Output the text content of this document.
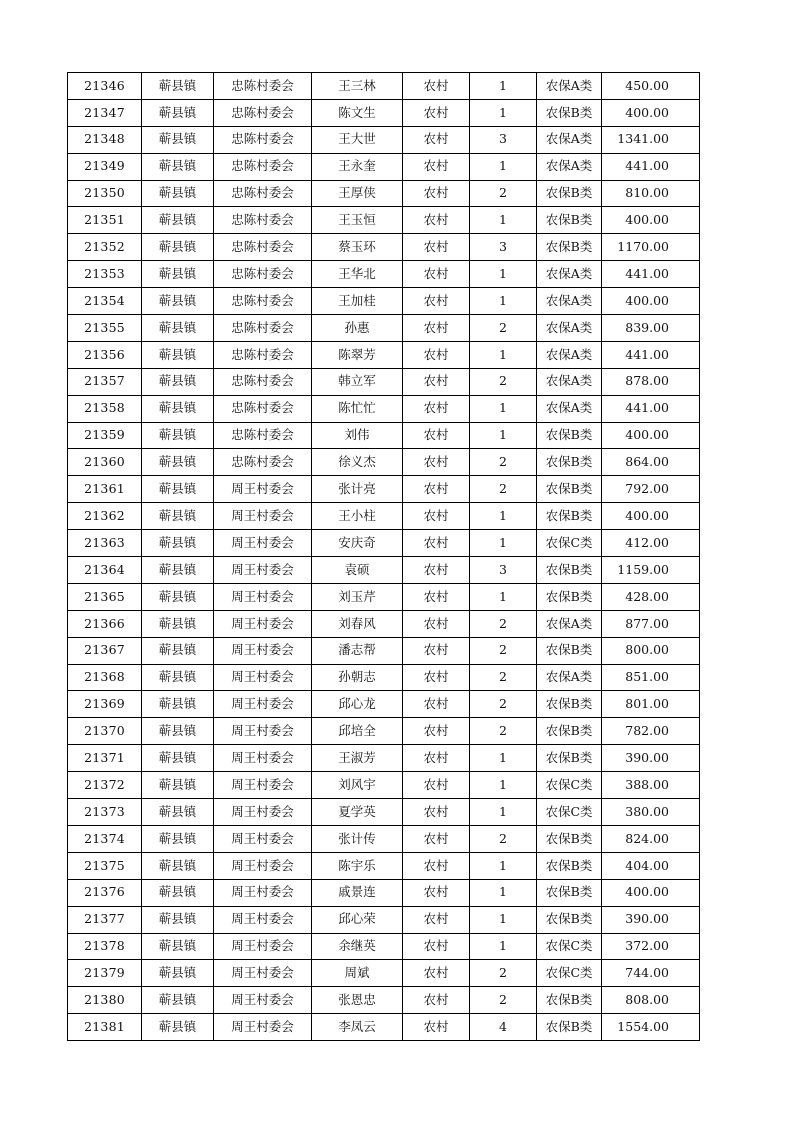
21346	蕲县镇	忠陈村委会	王三林	农村	1	农保A类	450.00
21347	蕲县镇	忠陈村委会	陈文生	农村	1	农保B类	400.00
21348	蕲县镇	忠陈村委会	王大世	农村	3	农保A类	1341.00
21349	蕲县镇	忠陈村委会	王永奎	农村	1	农保A类	441.00
21350	蕲县镇	忠陈村委会	王厚侠	农村	2	农保B类	810.00
21351	蕲县镇	忠陈村委会	王玉恒	农村	1	农保B类	400.00
21352	蕲县镇	忠陈村委会	蔡玉环	农村	3	农保B类	1170.00
21353	蕲县镇	忠陈村委会	王华北	农村	1	农保A类	441.00
21354	蕲县镇	忠陈村委会	王加桂	农村	1	农保A类	400.00
21355	蕲县镇	忠陈村委会	孙惠	农村	2	农保A类	839.00
21356	蕲县镇	忠陈村委会	陈翠芳	农村	1	农保A类	441.00
21357	蕲县镇	忠陈村委会	韩立军	农村	2	农保A类	878.00
21358	蕲县镇	忠陈村委会	陈忙忙	农村	1	农保A类	441.00
21359	蕲县镇	忠陈村委会	刘伟	农村	1	农保B类	400.00
21360	蕲县镇	忠陈村委会	徐义杰	农村	2	农保B类	864.00
21361	蕲县镇	周王村委会	张计亮	农村	2	农保B类	792.00
21362	蕲县镇	周王村委会	王小柱	农村	1	农保B类	400.00
21363	蕲县镇	周王村委会	安庆奇	农村	1	农保C类	412.00
21364	蕲县镇	周王村委会	袁硕	农村	3	农保B类	1159.00
21365	蕲县镇	周王村委会	刘玉芹	农村	1	农保B类	428.00
21366	蕲县镇	周王村委会	刘春风	农村	2	农保A类	877.00
21367	蕲县镇	周王村委会	潘志帮	农村	2	农保B类	800.00
21368	蕲县镇	周王村委会	孙朝志	农村	2	农保A类	851.00
21369	蕲县镇	周王村委会	邱心龙	农村	2	农保B类	801.00
21370	蕲县镇	周王村委会	邱培全	农村	2	农保B类	782.00
21371	蕲县镇	周王村委会	王淑芳	农村	1	农保B类	390.00
21372	蕲县镇	周王村委会	刘风宇	农村	1	农保C类	388.00
21373	蕲县镇	周王村委会	夏学英	农村	1	农保C类	380.00
21374	蕲县镇	周王村委会	张计传	农村	2	农保B类	824.00
21375	蕲县镇	周王村委会	陈宇乐	农村	1	农保B类	404.00
21376	蕲县镇	周王村委会	戚景连	农村	1	农保B类	400.00
21377	蕲县镇	周王村委会	邱心荣	农村	1	农保B类	390.00
21378	蕲县镇	周王村委会	余继英	农村	1	农保C类	372.00
21379	蕲县镇	周王村委会	周斌	农村	2	农保C类	744.00
21380	蕲县镇	周王村委会	张恩忠	农村	2	农保B类	808.00
21381	蕲县镇	周王村委会	李凤云	农村	4	农保B类	1554.00
